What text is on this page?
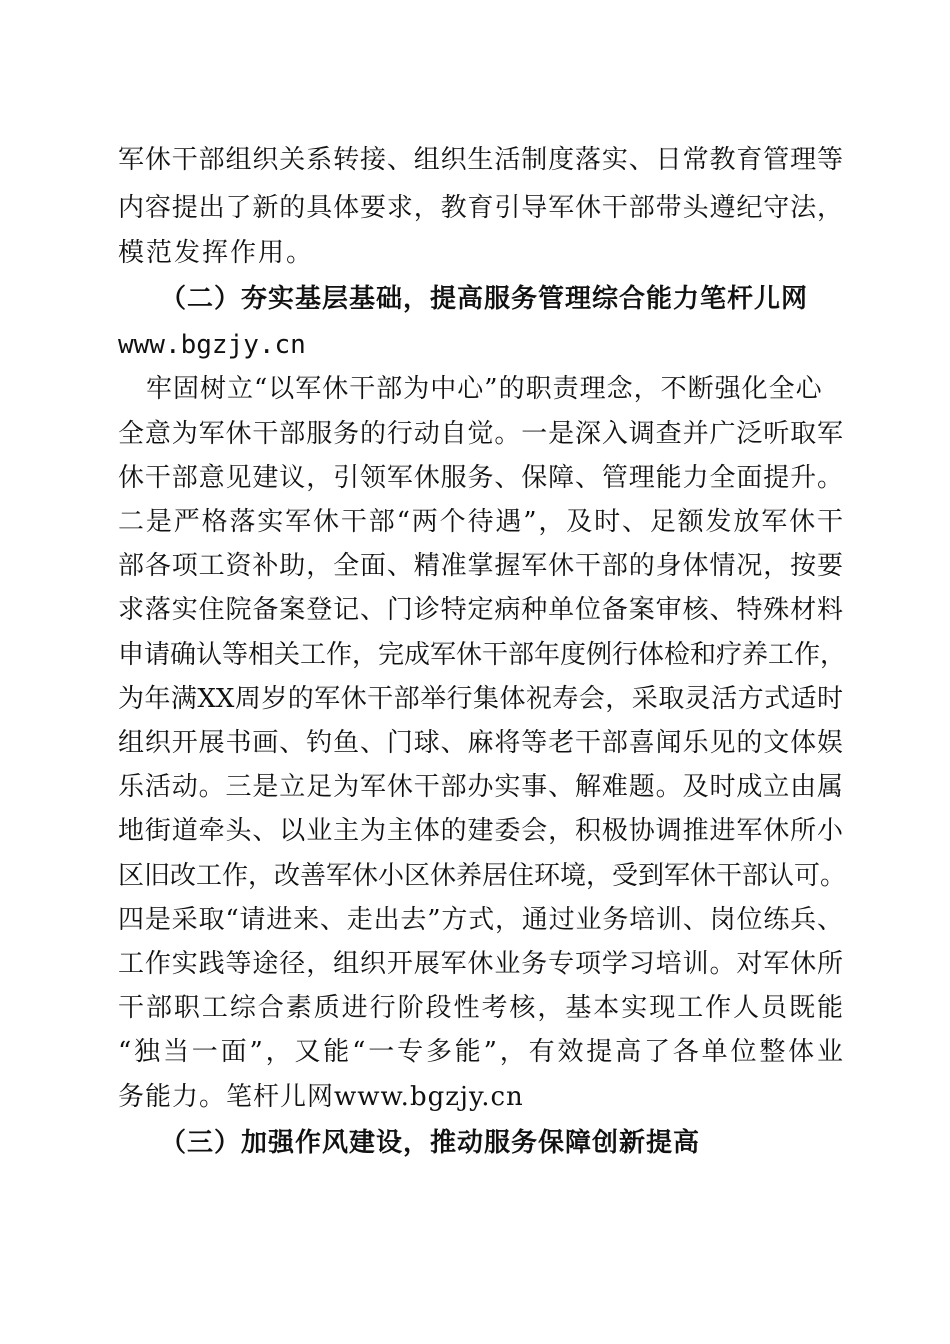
军休干部组织关系转接、组织生活制度落实、日常教育管理等

内容提出了新的具体要求，教育引导军休干部带头遵纪守法，

模范发挥作用。

（二）夯实基层基础，提高服务管理综合能力笔杆儿网

www.bgzjy.cn

牢固树立“以军休干部为中心”的职责理念，不断强化全心

全意为军休干部服务的行动自觉。一是深入调查并广泛听取军

休干部意见建议，引领军休服务、保障、管理能力全面提升。

二是严格落实军休干部“两个待遇”，及时、足额发放军休干

部各项工资补助，全面、精准掌握军休干部的身体情况，按要

求落实住院备案登记、门诊特定病种单位备案审核、特殊材料

申请确认等相关工作，完成军休干部年度例行体检和疗养工作，

为年满XX周岁的军休干部举行集体祝寿会，采取灵活方式适时

组织开展书画、钓鱼、门球、麻将等老干部喜闻乐见的文体娱

乐活动。三是立足为军休干部办实事、解难题。及时成立由属

地街道牵头、以业主为主体的建委会，积极协调推进军休所小

区旧改工作，改善军休小区休养居住环境，受到军休干部认可。

四是采取“请进来、走出去”方式，通过业务培训、岗位练兵、

工作实践等途径，组织开展军休业务专项学习培训。对军休所

干部职工综合素质进行阶段性考核，基本实现工作人员既能

“独当一面”，又能“一专多能”，有效提高了各单位整体业

务能力。笔杆儿网www.bgzjy.cn

（三）加强作风建设，推动服务保障创新提高
